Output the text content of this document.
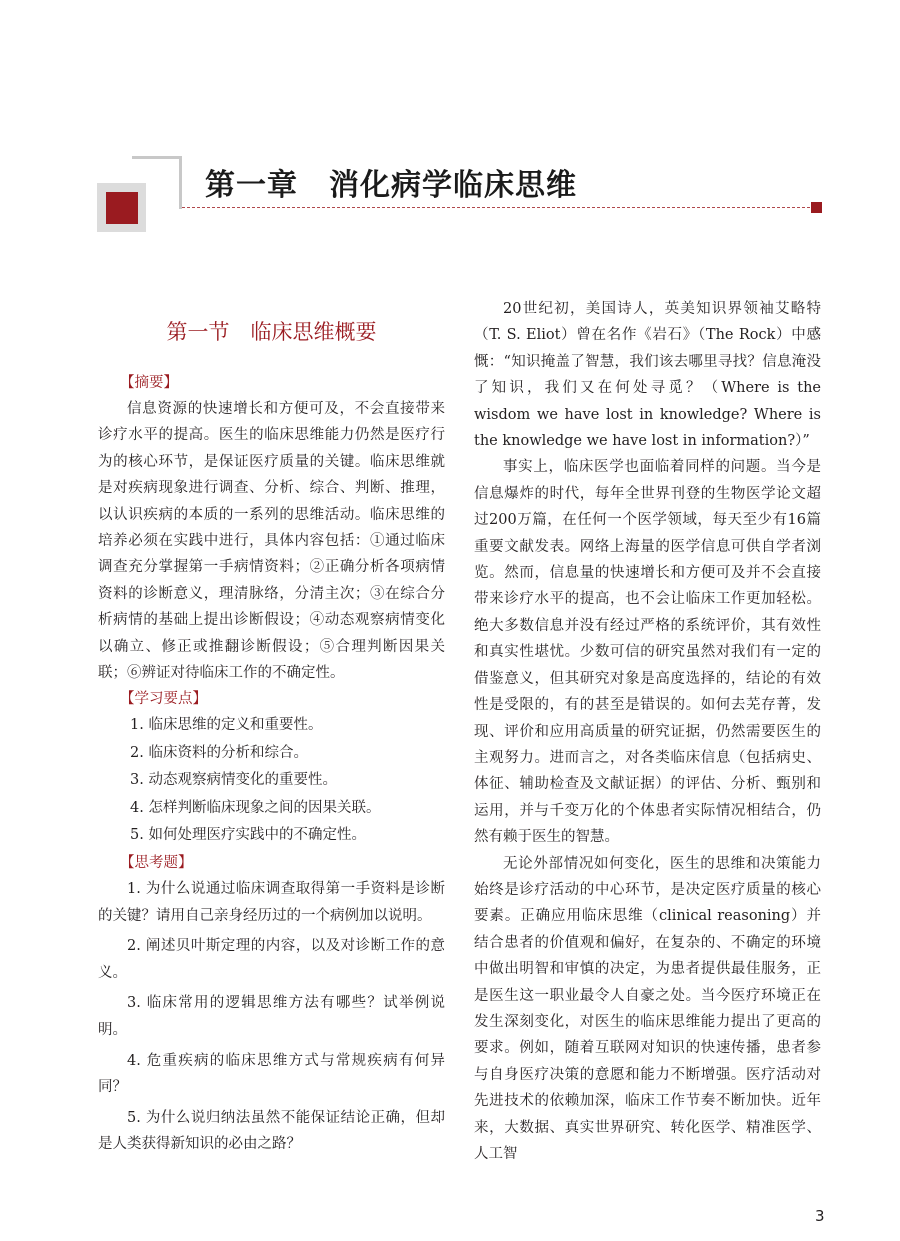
第一章　消化病学临床思维
第一节　临床思维概要
【摘要】

信息资源的快速增长和方便可及，不会直接带来诊疗水平的提高。医生的临床思维能力仍然是医疗行为的核心环节，是保证医疗质量的关键。临床思维就是对疾病现象进行调查、分析、综合、判断、推理，以认识疾病的本质的一系列的思维活动。临床思维的培养必须在实践中进行，具体内容包括：①通过临床调查充分掌握第一手病情资料；②正确分析各项病情资料的诊断意义，理清脉络，分清主次；③在综合分析病情的基础上提出诊断假设；④动态观察病情变化以确立、修正或推翻诊断假设；⑤合理判断因果关联；⑥辨证对待临床工作的不确定性。

【学习要点】
1. 临床思维的定义和重要性。
2. 临床资料的分析和综合。
3. 动态观察病情变化的重要性。
4. 怎样判断临床现象之间的因果关联。
5. 如何处理医疗实践中的不确定性。
【思考题】
1. 为什么说通过临床调查取得第一手资料是诊断的关键？请用自己亲身经历过的一个病例加以说明。
2. 阐述贝叶斯定理的内容，以及对诊断工作的意义。
3. 临床常用的逻辑思维方法有哪些？试举例说明。
4. 危重疾病的临床思维方式与常规疾病有何异同？
5. 为什么说归纳法虽然不能保证结论正确，但却是人类获得新知识的必由之路？

20世纪初，美国诗人，英美知识界领袖艾略特（T. S. Eliot）曾在名作《岩石》（The Rock）中感慨：“知识掩盖了智慧，我们该去哪里寻找？信息淹没了知识，我们又在何处寻觅？（Where is the wisdom we have lost in knowledge? Where is the knowledge we have lost in information?）”

事实上，临床医学也面临着同样的问题。当今是信息爆炸的时代，每年全世界刊登的生物医学论文超过200万篇，在任何一个医学领域，每天至少有16篇重要文献发表。网络上海量的医学信息可供自学者浏览。然而，信息量的快速增长和方便可及并不会直接带来诊疗水平的提高，也不会让临床工作更加轻松。绝大多数信息并没有经过严格的系统评价，其有效性和真实性堪忧。少数可信的研究虽然对我们有一定的借鉴意义，但其研究对象是高度选择的，结论的有效性是受限的，有的甚至是错误的。如何去芜存菁，发现、评价和应用高质量的研究证据，仍然需要医生的主观努力。进而言之，对各类临床信息（包括病史、体征、辅助检查及文献证据）的评估、分析、甄别和运用，并与千变万化的个体患者实际情况相结合，仍然有赖于医生的智慧。

无论外部情况如何变化，医生的思维和决策能力始终是诊疗活动的中心环节，是决定医疗质量的核心要素。正确应用临床思维（clinical reasoning）并结合患者的价值观和偏好，在复杂的、不确定的环境中做出明智和审慎的决定，为患者提供最佳服务，正是医生这一职业最令人自豪之处。当今医疗环境正在发生深刻变化，对医生的临床思维能力提出了更高的要求。例如，随着互联网对知识的快速传播，患者参与自身医疗决策的意愿和能力不断增强。医疗活动对先进技术的依赖加深，临床工作节奏不断加快。近年来，大数据、真实世界研究、转化医学、精准医学、人工智

3
